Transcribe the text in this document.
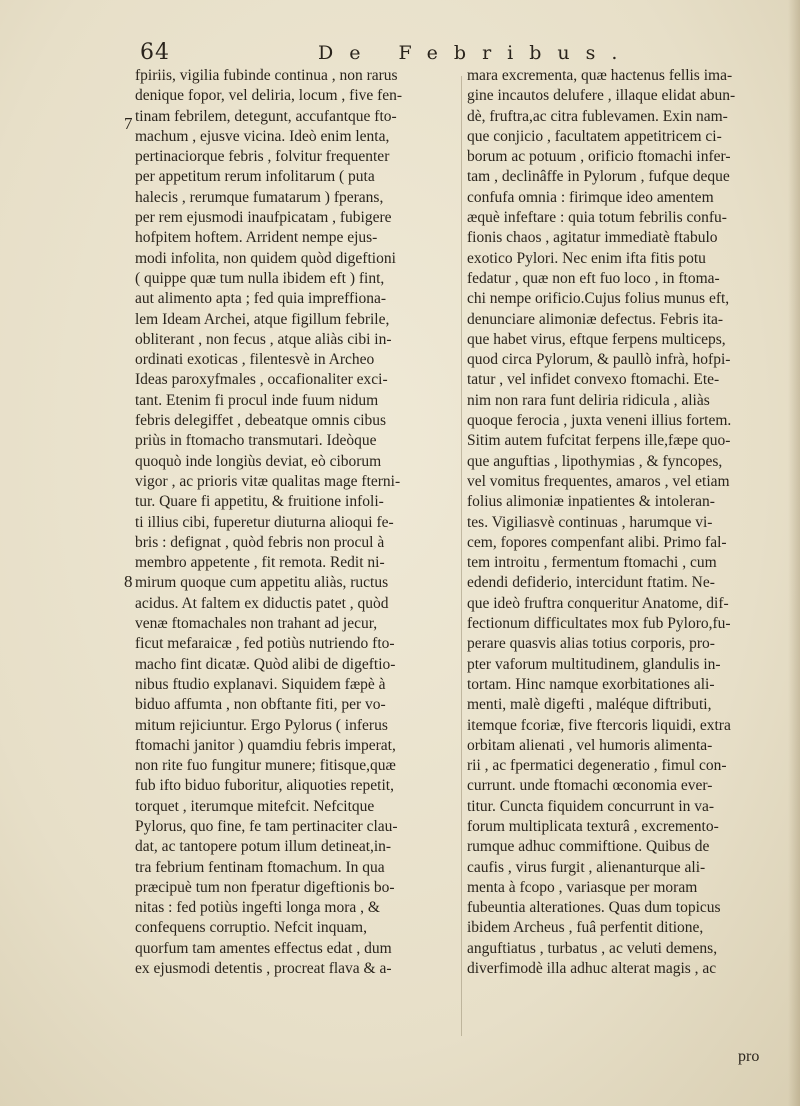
64	De Febribus.
fpiriis, vigilia fubinde continua , non rarus
denique fopor, vel deliria, locum , five fen-
tinam febrilem, detegunt, accufantque fto-
machum , ejusve vicina. Ideò enim lenta,
pertinaciorque febris , folvitur frequenter
per appetitum rerum infolitarum ( puta
halecis , rerumque fumatarum ) fperans,
per rem ejusmodi inaufpicatam , fubigere
hofpitem hoftem. Arrident nempe ejus-
modi infolita, non quidem quòd digeftioni
( quippe quæ tum nulla ibidem eft ) fint,
aut alimento apta ; fed quia impreffiona-
lem Ideam Archei, atque figillum febrile,
obliterant , non fecus , atque aliàs cibi in-
ordinati exoticas , filentesvè in Archeo
Ideas paroxyfmales , occafionaliter exci-
tant. Etenim fi procul inde fuum nidum
febris delegiffet , debeatque omnis cibus
priùs in ftomacho transmutari. Ideòque
quoquò inde longiùs deviat, eò ciborum
vigor , ac prioris vitæ qualitas mage fterni-
tur. Quare fi appetitu, & fruitione infoli-
ti illius cibi, fuperetur diuturna alioqui fe-
bris : defignat , quòd febris non procul à
membro appetente , fit remota. Redit ni-
mirum quoque cum appetitu aliàs, ructus
acidus. At faltem ex diductis patet , quòd
venæ ftomachales non trahant ad jecur,
ficut mefaraicæ , fed potiùs nutriendo fto-
macho fint dicatæ. Quòd alibi de digeftio-
nibus ftudio explanavi. Siquidem fæpè à
biduo affumta , non obftante fiti, per vo-
mitum rejiciuntur. Ergo Pylorus ( inferus
ftomachi janitor ) quamdiu febris imperat,
non rite fuo fungitur munere; fitisque,quæ
fub ifto biduo fuboritur, aliquoties repetit,
torquet , iterumque mitefcit. Nefcitque
Pylorus, quo fine, fe tam pertinaciter clau-
dat, ac tantopere potum illum detineat,in-
tra febrium fentinam ftomachum. In qua
præcipuè tum non fperatur digeftionis bo-
nitas : fed potiùs ingefti longa mora , &
confequens corruptio. Nefcit inquam,
quorfum tam amentes effectus edat , dum
ex ejusmodi detentis , procreat flava & a-
mara excrementa, quæ hactenus fellis ima-
gine incautos delufere , illaque elidat abun-
dè, fruftra,ac citra fublevamen. Exin nam-
que conjicio , facultatem appetitricem ci-
borum ac potuum , orificio ftomachi infer-
tam , declinâffe in Pylorum , fufque deque
confufa omnia : firimque ideo amentem
æquè infeftare : quia totum febrilis confu-
fionis chaos , agitatur immediatè ftabulo
exotico Pylori. Nec enim ifta fitis potu
fedatur , quæ non eft fuo loco , in ftoma-
chi nempe orificio.Cujus folius munus eft,
denunciare alimoniæ defectus. Febris ita-
que habet virus, eftque ferpens multiceps,
quod circa Pylorum, & paullò infrà, hofpi-
tatur , vel infidet convexo ftomachi. Ete-
nim non rara funt deliria ridicula , aliàs
quoque ferocia , juxta veneni illius fortem.
Sitim autem fufcitat ferpens ille,fæpe quo-
que anguftias , lipothymias , & fyncopes,
vel vomitus frequentes, amaros , vel etiam
folius alimoniæ inpatientes & intoleran-
tes. Vigiliasvè continuas , harumque vi-
cem, fopores compenfant alibi. Primo fal-
tem introitu , fermentum ftomachi , cum
edendi defiderio, intercidunt ftatim. Ne-
que ideò fruftra conqueritur Anatome, dif-
fectionum difficultates mox fub Pyloro,fu-
perare quasvis alias totius corporis, pro-
pter vaforum multitudinem, glandulis in-
tortam. Hinc namque exorbitationes ali-
menti, malè digefti , maléque diftributi,
itemque fcoriæ, five ftercoris liquidi, extra
orbitam alienati , vel humoris alimenta-
rii , ac fpermatici degeneratio , fimul con-
currunt. unde ftomachi œconomia ever-
titur. Cuncta fiquidem concurrunt in va-
forum multiplicata texturâ , excremento-
rumque adhuc commiftione. Quibus de
caufis , virus furgit , alienanturque ali-
menta à fcopo , variasque per moram
fubeuntia alterationes. Quas dum topicus
ibidem Archeus , fuâ perfentit ditione,
anguftiatus , turbatus , ac veluti demens,
diverfimodè illa adhuc alterat magis , ac
7
8
pro
